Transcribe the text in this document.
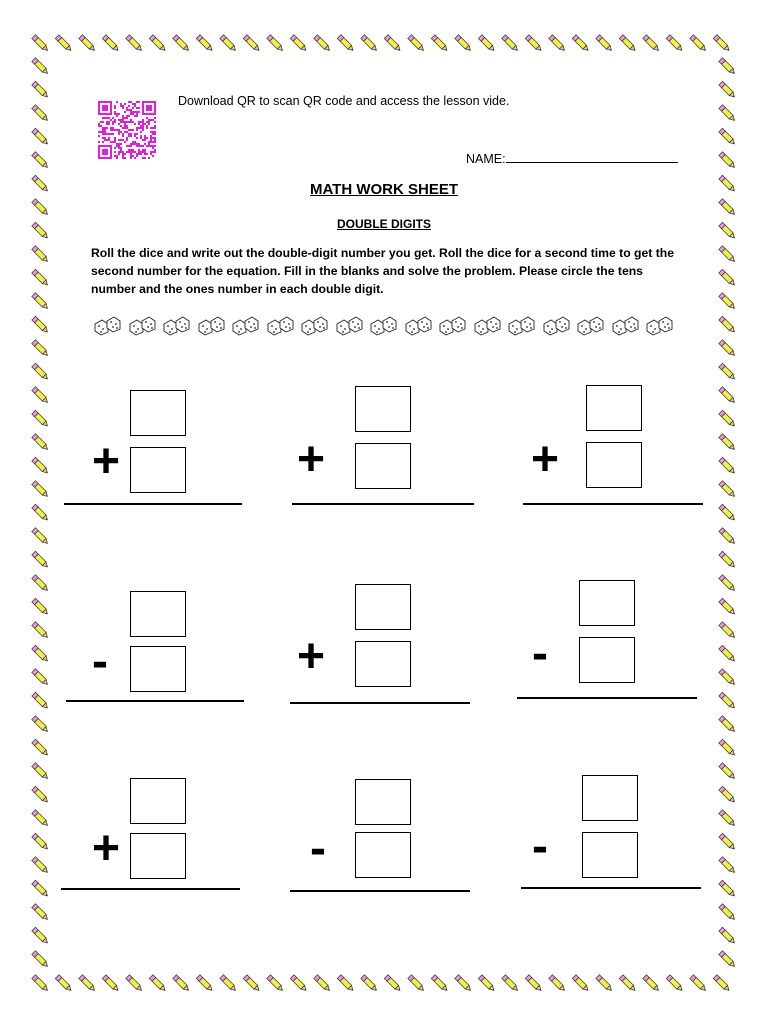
Download QR to scan QR code and access the lesson vide.
NAME:
MATH WORK SHEET
DOUBLE DIGITS

Roll the dice and write out the double-digit number you get. Roll the dice for a second time to get the second number for the equation. Fill in the blanks and solve the problem. Please circle the tens number and the ones number in each double digit.

+	+	+
-	+	-
+	-	-
